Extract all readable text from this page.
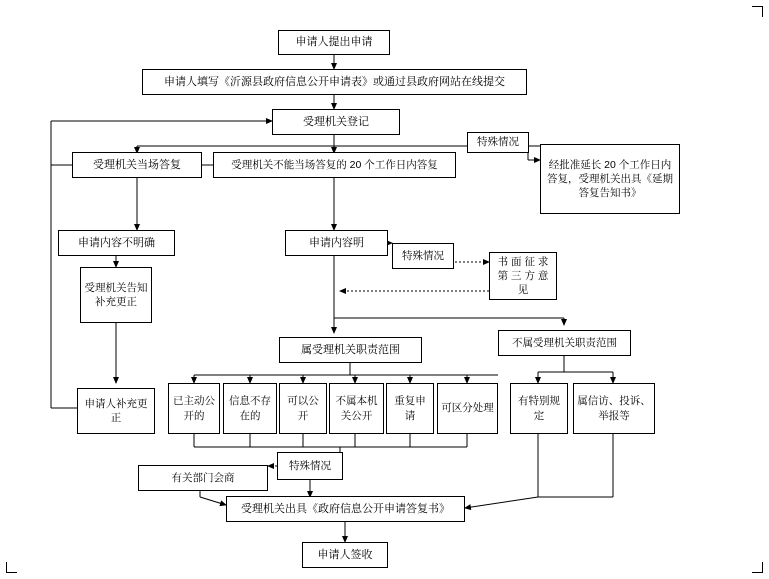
申请人提出申请
申请人填写《沂源县政府信息公开申请表》或通过县政府网站在线提交
受理机关登记
受理机关当场答复	受理机关不能当场答复的 20 个工作日内答复
特殊情况
经批准延长 20 个工作日内答复，受理机关出具《延期答复告知书》
申请内容不明确	申请内容明
特殊情况	书 面 征 求 第 三 方 意 见
受理机关告知补充更正
属受理机关职责范围
不属受理机关职责范围
申请人补充更正
已主动公开的
信息不存在的
可以公开
不属本机关公开
重复申请
可区分处理
有特别规定
属信访、投诉、举报等
特殊情况
有关部门会商
受理机关出具《政府信息公开申请答复书》
申请人签收
